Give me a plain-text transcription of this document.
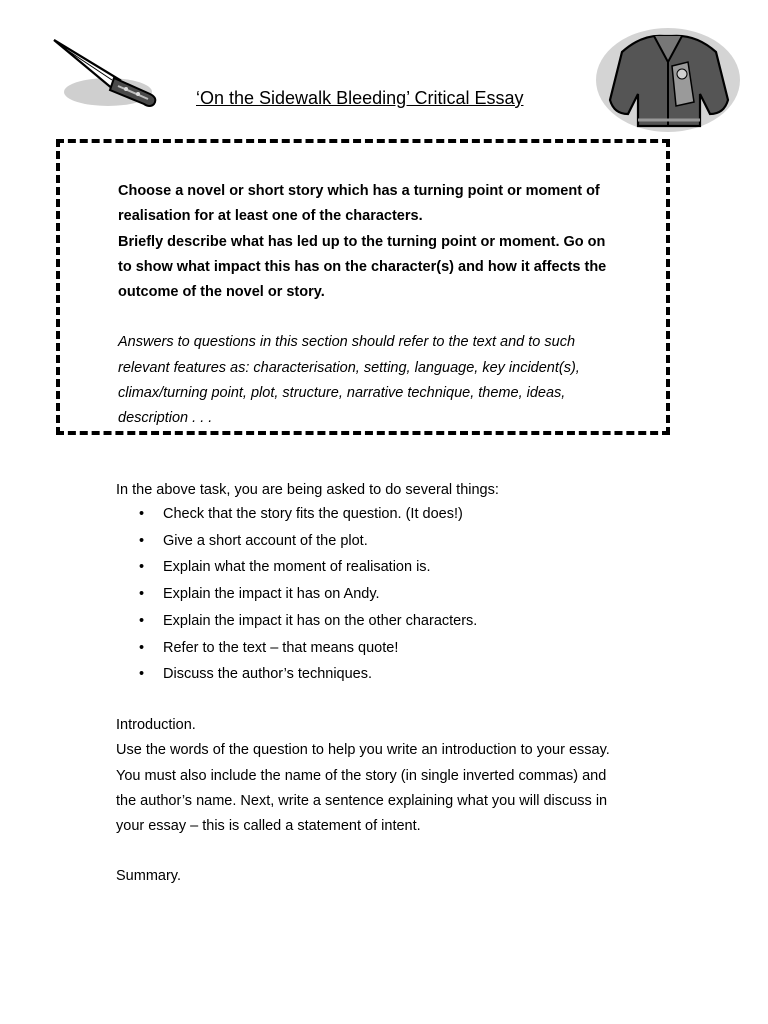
‘On the Sidewalk Bleeding’ Critical Essay

Choose a novel or short story which has a turning point or moment of
realisation for at least one of the characters.
Briefly describe what has led up to the turning point or moment. Go on
to show what impact this has on the character(s) and how it affects the
outcome of the novel or story.

Answers to questions in this section should refer to the text and to such
relevant features as: characterisation, setting, language, key incident(s),
climax/turning point, plot, structure, narrative technique, theme, ideas,
description . . .

In the above task, you are being asked to do several things:

• Check that the story fits the question. (It does!)
• Give a short account of the plot.
• Explain what the moment of realisation is.
• Explain the impact it has on Andy.
• Explain the impact it has on the other characters.
• Refer to the text – that means quote!
• Discuss the author’s techniques.

Introduction.
Use the words of the question to help you write an introduction to your essay.
You must also include the name of the story (in single inverted commas) and
the author’s name. Next, write a sentence explaining what you will discuss in
your essay – this is called a statement of intent.

Summary.
